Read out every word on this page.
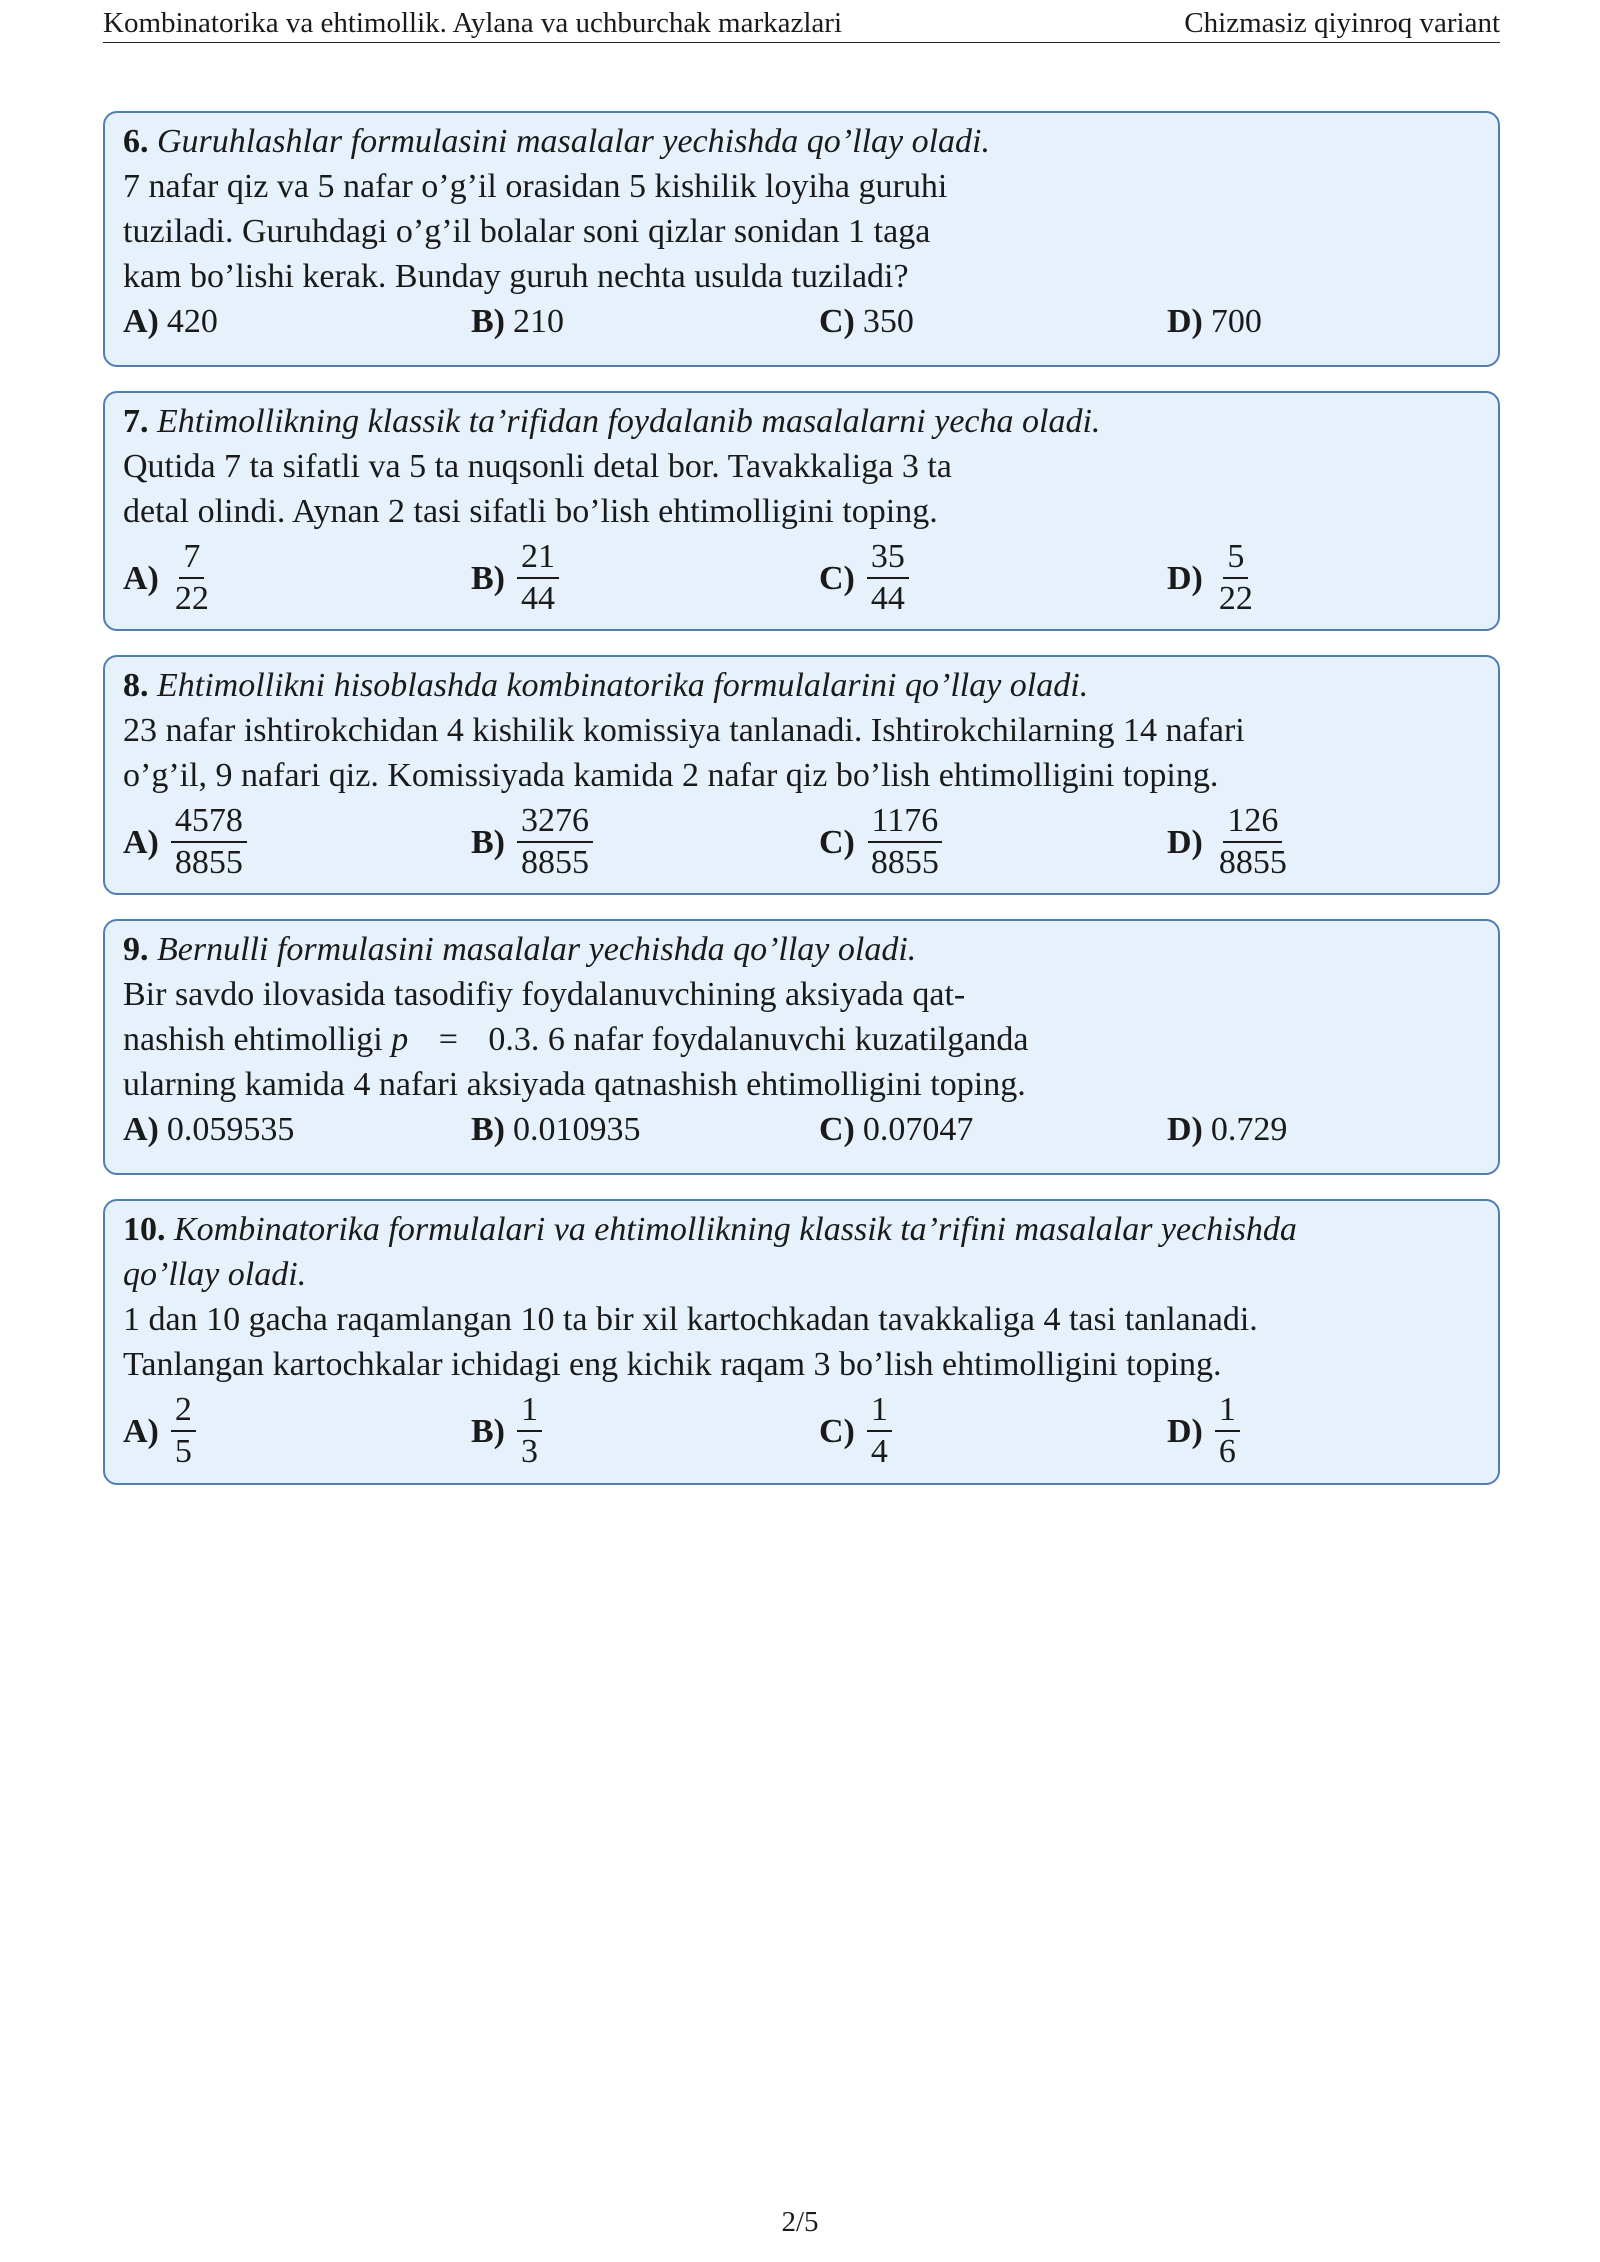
Kombinatorika va ehtimollik. Aylana va uchburchak markazlari	Chizmasiz qiyinroq variant
6. Guruhlashlar formulasini masalalar yechishda qo’llay oladi.

7 nafar qiz va 5 nafar o’g’il orasidan 5 kishilik loyiha guruhi

tuziladi. Guruhdagi o’g’il bolalar soni qizlar sonidan 1 taga

kam bo’lishi kerak. Bunday guruh nechta usulda tuziladi?

A) 420	B) 210	C) 350	D) 700
7. Ehtimollikning klassik ta’rifidan foydalanib masalalarni yecha oladi.

Qutida 7 ta sifatli va 5 ta nuqsonli detal bor. Tavakkaliga 3 ta

detal olindi. Aynan 2 tasi sifatli bo’lish ehtimolligini toping.

$A) \frac{7}{22}$	$B) \frac{21}{44}$	$C) \frac{35}{44}$	$D) \frac{5}{22}$
8. Ehtimollikni hisoblashda kombinatorika formulalarini qo’llay oladi.

23 nafar ishtirokchidan 4 kishilik komissiya tanlanadi. Ishtirokchilarning 14 nafari

o’g’il, 9 nafari qiz. Komissiyada kamida 2 nafar qiz bo’lish ehtimolligini toping.

$A) \frac{4578}{8855}$	$B) \frac{3276}{8855}$	$C) \frac{1176}{8855}$	$D) \frac{126}{8855}$
9. Bernulli formulasini masalalar yechishda qo’llay oladi.

Bir savdo ilovasida tasodifiy foydalanuvchining aksiyada qat-

nashish ehtimolligi p = 0.3. 6 nafar foydalanuvchi kuzatilganda

ularning kamida 4 nafari aksiyada qatnashish ehtimolligini toping.

A) 0.059535	B) 0.010935	C) 0.07047	D) 0.729
10. Kombinatorika formulalari va ehtimollikning klassik ta’rifini masalalar yechishda

qo’llay oladi.

1 dan 10 gacha raqamlangan 10 ta bir xil kartochkadan tavakkaliga 4 tasi tanlanadi.

Tanlangan kartochkalar ichidagi eng kichik raqam 3 bo’lish ehtimolligini toping.

$A) \frac{2}{5}$	$B) \frac{1}{3}$	$C) \frac{1}{4}$	$D) \frac{1}{6}$
2/5
